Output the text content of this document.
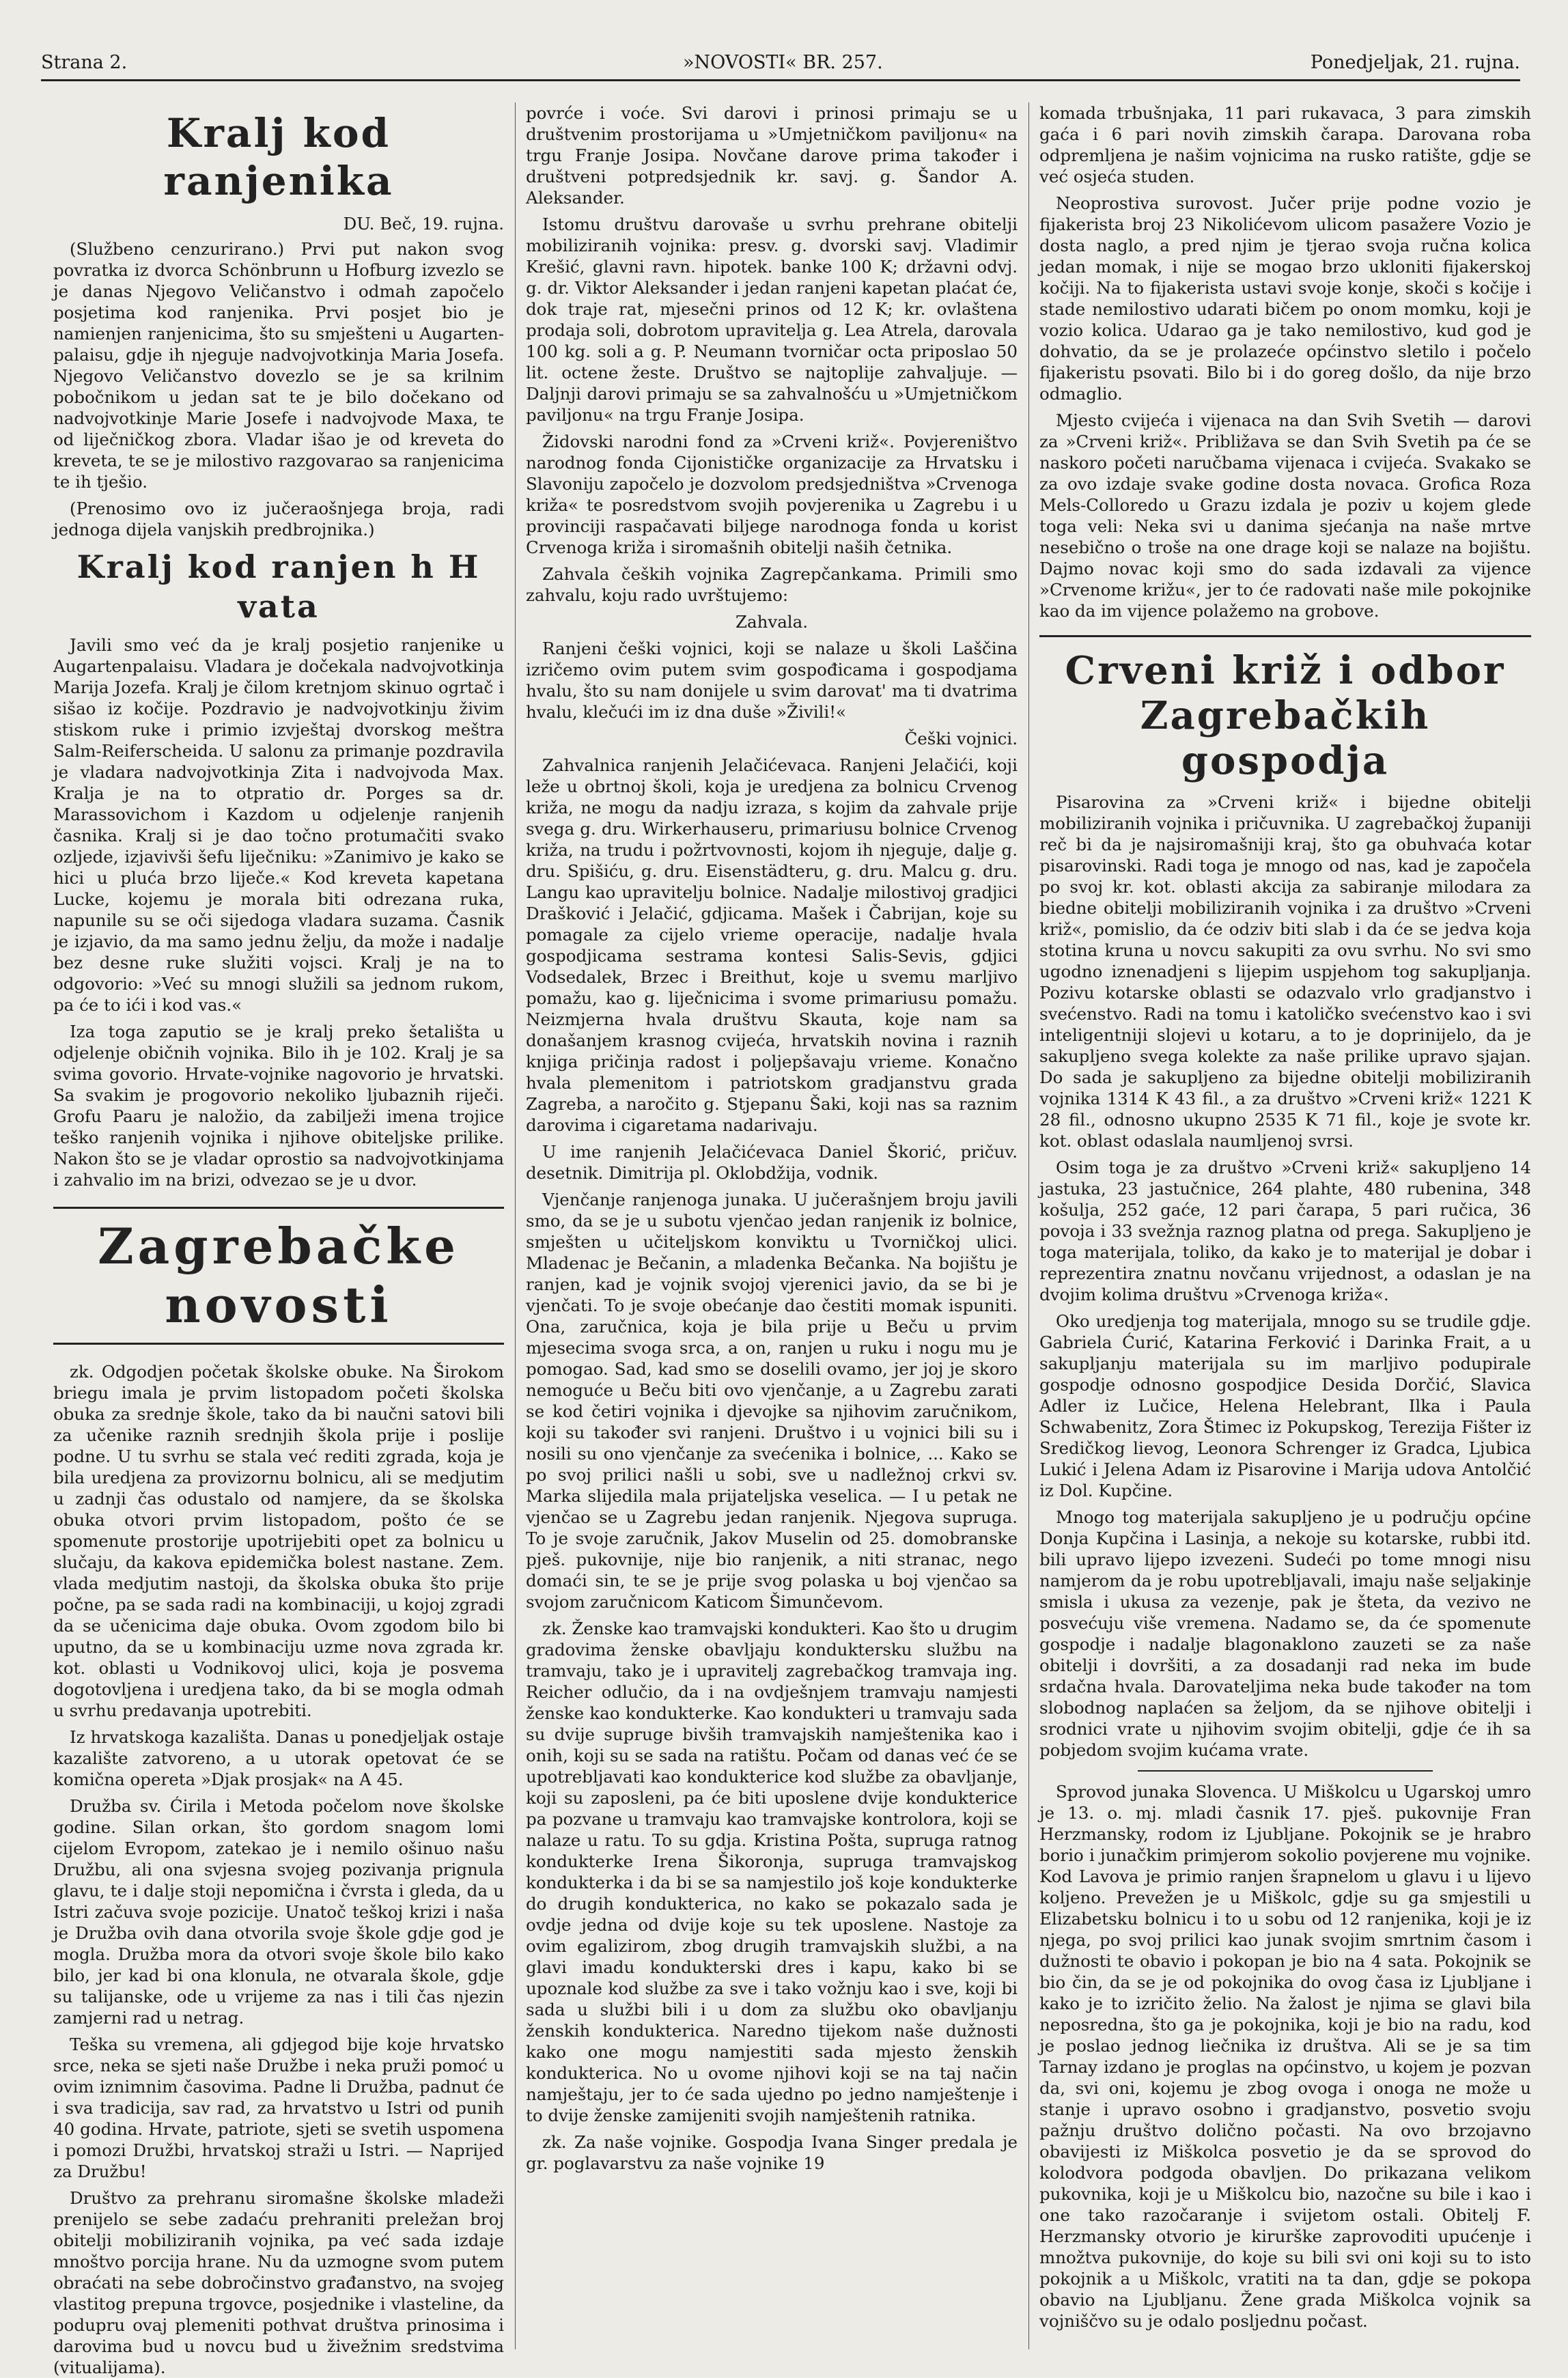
Strana 2.	»NOVOSTI« BR. 257.	Ponedjeljak, 21. rujna.
Kralj kod ranjenika
DU. Beč, 19. rujna.

(Službeno cenzurirano.) Prvi put nakon svog povratka iz dvorca Schönbrunn u Hofburg izvezlo se je danas Njegovo Veličanstvo i odmah započelo posjetima kod ranjenika. Prvi posjet bio je namienjen ranjenicima, što su smješteni u Augarten-palaisu, gdje ih njeguje nadvojvotkinja Maria Josefa. Njegovo Veličanstvo dovezlo se je sa krilnim pobočnikom u jedan sat te je bilo dočekano od nadvojvotkinje Marie Josefe i nadvojvode Maxa, te od liječničkog zbora. Vladar išao je od kreveta do kreveta, te se je milostivo razgovarao sa ranjenicima te ih tješio.

(Prenosimo ovo iz jučeraošnjega broja, radi jednoga dijela vanjskih predbrojnika.)

Kralj kod ranjen h H vata

Javili smo već da je kralj posjetio ranjenike u Augartenpalaisu. Vladara je dočekala nadvojvotkinja Marija Jozefa. Kralj je čilom kretnjom skinuo ogrtač i sišao iz kočije. Pozdravio je nadvojvotkinju živim stiskom ruke i primio izvještaj dvorskog meštra Salm-Reiferscheida. U salonu za primanje pozdravila je vladara nadvojvotkinja Zita i nadvojvoda Max. Kralja je na to otpratio dr. Porges sa dr. Marassovichom i Kazdom u odjelenje ranjenih časnika. Kralj si je dao točno protumačiti svako ozljede, izjavivši šefu liječniku: »Zanimivo je kako se hici u pluća brzo liječe.« Kod kreveta kapetana Lucke, kojemu je morala biti odrezana ruka, napunile su se oči sijedoga vladara suzama. Časnik je izjavio, da ma samo jednu želju, da može i nadalje bez desne ruke služiti vojsci. Kralj je na to odgovorio: »Već su mnogi služili sa jednom rukom, pa će to ići i kod vas.«

Iza toga zaputio se je kralj preko šetališta u odjelenje običnih vojnika. Bilo ih je 102. Kralj je sa svima govorio. Hrvate-vojnike nagovorio je hrvatski. Sa svakim je progovorio nekoliko ljubaznih riječi. Grofu Paaru je naložio, da zabilježi imena trojice teško ranjenih vojnika i njihove obiteljske prilike. Nakon što se je vladar oprostio sa nadvojvotkinjama i zahvalio im na brizi, odvezao se je u dvor.

Zagrebačke novosti

zk. Odgodjen početak školske obuke. Na Širokom briegu imala je prvim listopadom početi školska obuka za srednje škole, tako da bi naučni satovi bili za učenike raznih srednjih škola prije i poslije podne. U tu svrhu se stala već rediti zgrada, koja je bila uredjena za provizornu bolnicu, ali se medjutim u zadnji čas odustalo od namjere, da se školska obuka otvori prvim listopadom, pošto će se spomenute prostorije upotrijebiti opet za bolnicu u slučaju, da kakova epidemička bolest nastane. Zem. vlada medjutim nastoji, da školska obuka što prije počne, pa se sada radi na kombinaciji, u kojoj zgradi da se učenicima daje obuka. Ovom zgodom bilo bi uputno, da se u kombinaciju uzme nova zgrada kr. kot. oblasti u Vodnikovoj ulici, koja je posvema dogotovljena i uredjena tako, da bi se mogla odmah u svrhu predavanja upotrebiti.

Iz hrvatskoga kazališta. Danas u ponedjeljak ostaje kazalište zatvoreno, a u utorak opetovat će se komična opereta »Djak prosjak« na A 45.

Družba sv. Ćirila i Metoda počelom nove školske godine. Silan orkan, što gordom snagom lomi cijelom Evropom, zatekao je i nemilo ošinuo našu Družbu, ali ona svjesna svojeg pozivanja prignula glavu, te i dalje stoji nepomična i čvrsta i gleda, da u Istri začuva svoje pozicije. Unatoč teškoj krizi i naša je Družba ovih dana otvorila svoje škole gdje god je mogla. Družba mora da otvori svoje škole bilo kako bilo, jer kad bi ona klonula, ne otvarala škole, gdje su talijanske, ode u vrijeme za nas i tili čas njezin zamjerni rad u netrag.

Teška su vremena, ali gdjegod bije koje hrvatsko srce, neka se sjeti naše Družbe i neka pruži pomoć u ovim iznimnim časovima. Padne li Družba, padnut će i sva tradicija, sav rad, za hrvatstvo u Istri od punih 40 godina. Hrvate, patriote, sjeti se svetih uspomena i pomozi Družbi, hrvatskoj straži u Istri. — Naprijed za Družbu!

Društvo za prehranu siromašne školske mladeži prenijelo se sebe zadaću prehraniti preležan broj obitelji mobiliziranih vojnika, pa već sada izdaje mnoštvo porcija hrane. Nu da uzmogne svom putem obraćati na sebe dobročinstvo građanstvo, na svojeg vlastitog prepuna trgovce, posjednike i vlasteline, da podupru ovaj plemeniti pothvat društva prinosima i darovima bud u novcu bud u živežnim sredstvima (vitualijama).

povrće i voće. Svi darovi i prinosi primaju se u društvenim prostorijama u »Umjetničkom paviljonu« na trgu Franje Josipa. Novčane darove prima također i društveni potpredsjednik kr. savj. g. Šandor A. Aleksander.

Istomu društvu darovaše u svrhu prehrane obitelji mobiliziranih vojnika: presv. g. dvorski savj. Vladimir Krešić, glavni ravn. hipotek. banke 100 K; državni odvj. g. dr. Viktor Aleksander i jedan ranjeni kapetan plaćat će, dok traje rat, mjesečni prinos od 12 K; kr. ovlaštena prodaja soli, dobrotom upravitelja g. Lea Atrela, darovala 100 kg. soli a g. P. Neumann tvorničar octa priposlao 50 lit. octene žeste. Društvo se najtoplije zahvaljuje. — Daljnji darovi primaju se sa zahvalnošću u »Umjetničkom paviljonu« na trgu Franje Josipa.

Židovski narodni fond za »Crveni križ«. Povjereništvo narodnog fonda Cijonističke organizacije za Hrvatsku i Slavoniju započelo je dozvolom predsjedništva »Crvenoga križa« te posredstvom svojih povjerenika u Zagrebu i u provinciji raspačavati biljege narodnoga fonda u korist Crvenoga križa i siromašnih obitelji naših četnika.

Zahvala čeških vojnika Zagrepčankama. Primili smo zahvalu, koju rado uvrštujemo:

Zahvala.

Ranjeni češki vojnici, koji se nalaze u školi Laščina izričemo ovim putem svim gospođicama i gospodjama hvalu, što su nam donijele u svim darovat' ma ti dvatrima hvalu, klečući im iz dna duše »Živili!«

Češki vojnici.

Zahvalnica ranjenih Jelačićevaca. Ranjeni Jelačići, koji leže u obrtnoj školi, koja je uredjena za bolnicu Crvenog križa, ne mogu da nadju izraza, s kojim da zahvale prije svega g. dru. Wirkerhauseru, primariusu bolnice Crvenog križa, na trudu i požrtvovnosti, kojom ih njeguje, dalje g. dru. Spišiću, g. dru. Eisenstädteru, g. dru. Malcu g. dru. Langu kao upravitelju bolnice. Nadalje milostivoj gradjici Drašković i Jelačić, gdjicama. Mašek i Čabrijan, koje su pomagale za cijelo vrieme operacije, nadalje hvala gospodjicama sestrama kontesi Salis-Sevis, gdjici Vodsedalek, Brzec i Breithut, koje u svemu marljivo pomažu, kao g. liječnicima i svome primariusu pomažu. Neizmjerna hvala društvu Skauta, koje nam sa donašanjem krasnog cvijeća, hrvatskih novina i raznih knjiga pričinja radost i poljepšavaju vrieme. Konačno hvala plemenitom i patriotskom gradjanstvu grada Zagreba, a naročito g. Stjepanu Šaki, koji nas sa raznim darovima i cigaretama nadarivaju.

U ime ranjenih Jelačićevaca Daniel Škorić, pričuv. desetnik. Dimitrija pl. Oklobdžija, vodnik.

Vjenčanje ranjenoga junaka. U jučerašnjem broju javili smo, da se je u subotu vjenčao jedan ranjenik iz bolnice, smješten u učiteljskom konviktu u Tvorničkoj ulici. Mladenac je Bečanin, a mladenka Bečanka. Na bojištu je ranjen, kad je vojnik svojoj vjerenici javio, da se bi je vjenčati. To je svoje obećanje dao čestiti momak ispuniti. Ona, zaručnica, koja je bila prije u Beču u prvim mjesecima svoga srca, a on, ranjen u ruku i nogu mu je pomogao. Sad, kad smo se doselili ovamo, jer joj je skoro nemoguće u Beču biti ovo vjenčanje, a u Zagrebu zarati se kod četiri vojnika i djevojke sa njihovim zaručnikom, koji su također svi ranjeni. Društvo i u vojnici bili su i nosili su ono vjenčanje za svećenika i bolnice, ... Kako se po svoj prilici našli u sobi, sve u nadležnoj crkvi sv. Marka slijedila mala prijateljska veselica. — I u petak ne vjenčao se u Zagrebu jedan ranjenik. Njegova supruga. To je svoje zaručnik, Jakov Muselin od 25. domobranske pješ. pukovnije, nije bio ranjenik, a niti stranac, nego domaći sin, te se je prije svog polaska u boj vjenčao sa svojom zaručnicom Katicom Šimunčevom.

zk. Ženske kao tramvajski kondukteri. Kao što u drugim gradovima ženske obavljaju konduktersku službu na tramvaju, tako je i upravitelj zagrebačkog tramvaja ing. Reicher odlučio, da i na ovdješnjem tramvaju namjesti ženske kao kondukterke. Kao kondukteri u tramvaju sada su dvije supruge bivših tramvajskih namještenika kao i onih, koji su se sada na ratištu. Počam od danas već će se upotrebljavati kao kondukterice kod službe za obavljanje, koji su zaposleni, pa će biti uposlene dvije kondukterice pa pozvane u tramvaju kao tramvajske kontrolora, koji se nalaze u ratu. To su gdja. Kristina Pošta, supruga ratnog kondukterke Irena Šikoronja, supruga tramvajskog kondukterka i da bi se sa namjestilo još koje kondukterke do drugih kondukterica, no kako se pokazalo sada je ovdje jedna od dvije koje su tek uposlene. Nastoje za ovim egalizirom, zbog drugih tramvajskih službi, a na glavi imadu kondukterski dres i kapu, kako bi se upoznale kod službe za sve i tako vožnju kao i sve, koji bi sada u službi bili i u dom za službu oko obavljanju ženskih kondukterica. Naredno tijekom naše dužnosti kako one mogu namjestiti sada mjesto ženskih kondukterica. No u ovome njihovi koji se na taj način namještaju, jer to će sada ujedno po jedno namještenje i to dvije ženske zamijeniti svojih namještenih ratnika.

zk. Za naše vojnike. Gospodja Ivana Singer predala je gr. poglavarstvu za naše vojnike 19

komada trbušnjaka, 11 pari rukavaca, 3 para zimskih gaća i 6 pari novih zimskih čarapa. Darovana roba odpremljena je našim vojnicima na rusko ratište, gdje se već osjeća studen.

Neoprostiva surovost. Jučer prije podne vozio je fijakerista broj 23 Nikolićevom ulicom pasažere Vozio je dosta naglo, a pred njim je tjerao svoja ručna kolica jedan momak, i nije se mogao brzo ukloniti fijakerskoj kočiji. Na to fijakerista ustavi svoje konje, skoči s kočije i stade nemilostivo udarati bičem po onom momku, koji je vozio kolica. Udarao ga je tako nemilostivo, kud god je dohvatio, da se je prolazeće općinstvo sletilo i počelo fijakeristu psovati. Bilo bi i do goreg došlo, da nije brzo odmaglio.

Mjesto cvijeća i vijenaca na dan Svih Svetih — darovi za »Crveni križ«. Približava se dan Svih Svetih pa će se naskoro početi naručbama vijenaca i cvijeća. Svakako se za ovo izdaje svake godine dosta novaca. Grofica Roza Mels-Colloredo u Grazu izdala je poziv u kojem glede toga veli: Neka svi u danima sjećanja na naše mrtve nesebično o troše na one drage koji se nalaze na bojištu. Dajmo novac koji smo do sada izdavali za vijence »Crvenome križu«, jer to će radovati naše mile pokojnike kao da im vijence polažemo na grobove.

Crveni križ i odbor Zagrebačkih gospodja

Pisarovina za »Crveni križ« i bijedne obitelji mobiliziranih vojnika i pričuvnika. U zagrebačkoj županiji reč bi da je najsiromašniji kraj, što ga obuhvaća kotar pisarovinski. Radi toga je mnogo od nas, kad je započela po svoj kr. kot. oblasti akcija za sabiranje milodara za biedne obitelji mobiliziranih vojnika i za društvo »Crveni križ«, pomislio, da će odziv biti slab i da će se jedva koja stotina kruna u novcu sakupiti za ovu svrhu. No svi smo ugodno iznenadjeni s lijepim uspjehom tog sakupljanja. Pozivu kotarske oblasti se odazvalo vrlo gradjanstvo i svećenstvo. Radi na tomu i katoličko svećenstvo kao i svi inteligentniji slojevi u kotaru, a to je doprinijelo, da je sakupljeno svega kolekte za naše prilike upravo sjajan. Do sada je sakupljeno za bijedne obitelji mobiliziranih vojnika 1314 K 43 fil., a za društvo »Crveni križ« 1221 K 28 fil., odnosno ukupno 2535 K 71 fil., koje je svote kr. kot. oblast odaslala naumljenoj svrsi.

Osim toga je za društvo »Crveni križ« sakupljeno 14 jastuka, 23 jastučnice, 264 plahte, 480 rubenina, 348 košulja, 252 gaće, 12 pari čarapa, 5 pari ručica, 36 povoja i 33 svežnja raznog platna od prega. Sakupljeno je toga materijala, toliko, da kako je to materijal je dobar i reprezentira znatnu novčanu vrijednost, a odaslan je na dvojim kolima društvu »Crvenoga križa«.

Oko uredjenja tog materijala, mnogo su se trudile gdje. Gabriela Ćurić, Katarina Ferković i Darinka Frait, a u sakupljanju materijala su im marljivo podupirale gospodje odnosno gospodjice Desida Dorčić, Slavica Adler iz Lučice, Helena Helebrant, Ilka i Paula Schwabenitz, Zora Štimec iz Pokupskog, Terezija Fišter iz Sredičkog lievog, Leonora Schrenger iz Gradca, Ljubica Lukić i Jelena Adam iz Pisarovine i Marija udova Antolčić iz Dol. Kupčine.

Mnogo tog materijala sakupljeno je u području općine Donja Kupčina i Lasinja, a nekoje su kotarske, rubbi itd. bili upravo lijepo izvezeni. Sudeći po tome mnogi nisu namjerom da je robu upotrebljavali, imaju naše seljakinje smisla i ukusa za vezenje, pak je šteta, da vezivo ne posvećuju više vremena. Nadamo se, da će spomenute gospodje i nadalje blagonaklono zauzeti se za naše obitelji i dovršiti, a za dosadanji rad neka im bude srdačna hvala. Darovateljima neka bude također na tom slobodnog naplaćen sa željom, da se njihove obitelji i srodnici vrate u njihovim svojim obitelji, gdje će ih sa pobjedom svojim kućama vrate.

Sprovod junaka Slovenca. U Miškolcu u Ugarskoj umro je 13. o. mj. mladi časnik 17. pješ. pukovnije Fran Herzmansky, rodom iz Ljubljane. Pokojnik se je hrabro borio i junačkim primjerom sokolio povjerene mu vojnike. Kod Lavova je primio ranjen šrapnelom u glavu i u lijevo koljeno. Prevežen je u Miškolc, gdje su ga smjestili u Elizabetsku bolnicu i to u sobu od 12 ranjenika, koji je iz njega, po svoj prilici kao junak svojim smrtnim časom i dužnosti te obavio i pokopan je bio na 4 sata. Pokojnik se bio čin, da se je od pokojnika do ovog časa iz Ljubljane i kako je to izričito želio. Na žalost je njima se glavi bila neposredna, što ga je pokojnika, koji je bio na radu, kod je poslao jednog liečnika iz društva. Ali se je sa tim Tarnay izdano je proglas na općinstvo, u kojem je pozvan da, svi oni, kojemu je zbog ovoga i onoga ne može u stanje i upravo osobno i gradjanstvo, posvetio svoju pažnju društvo dolično počasti. Na ovo brzojavno obavijesti iz Miškolca posvetio je da se sprovod do kolodvora podgoda obavljen. Do prikazana velikom pukovnika, koji je u Miškolcu bio, nazočne su bile i kao i one tako razočaranje i svijetom ostali. Obitelj F. Herzmansky otvorio je kirurške zaprovoditi upućenje i množtva pukovnije, do koje su bili svi oni koji su to isto pokojnik a u Miškolc, vratiti na ta dan, gdje se pokopa obavio na Ljubljanu. Žene grada Miškolca vojnik sa vojniščvo su je odalo posljednu počast.
